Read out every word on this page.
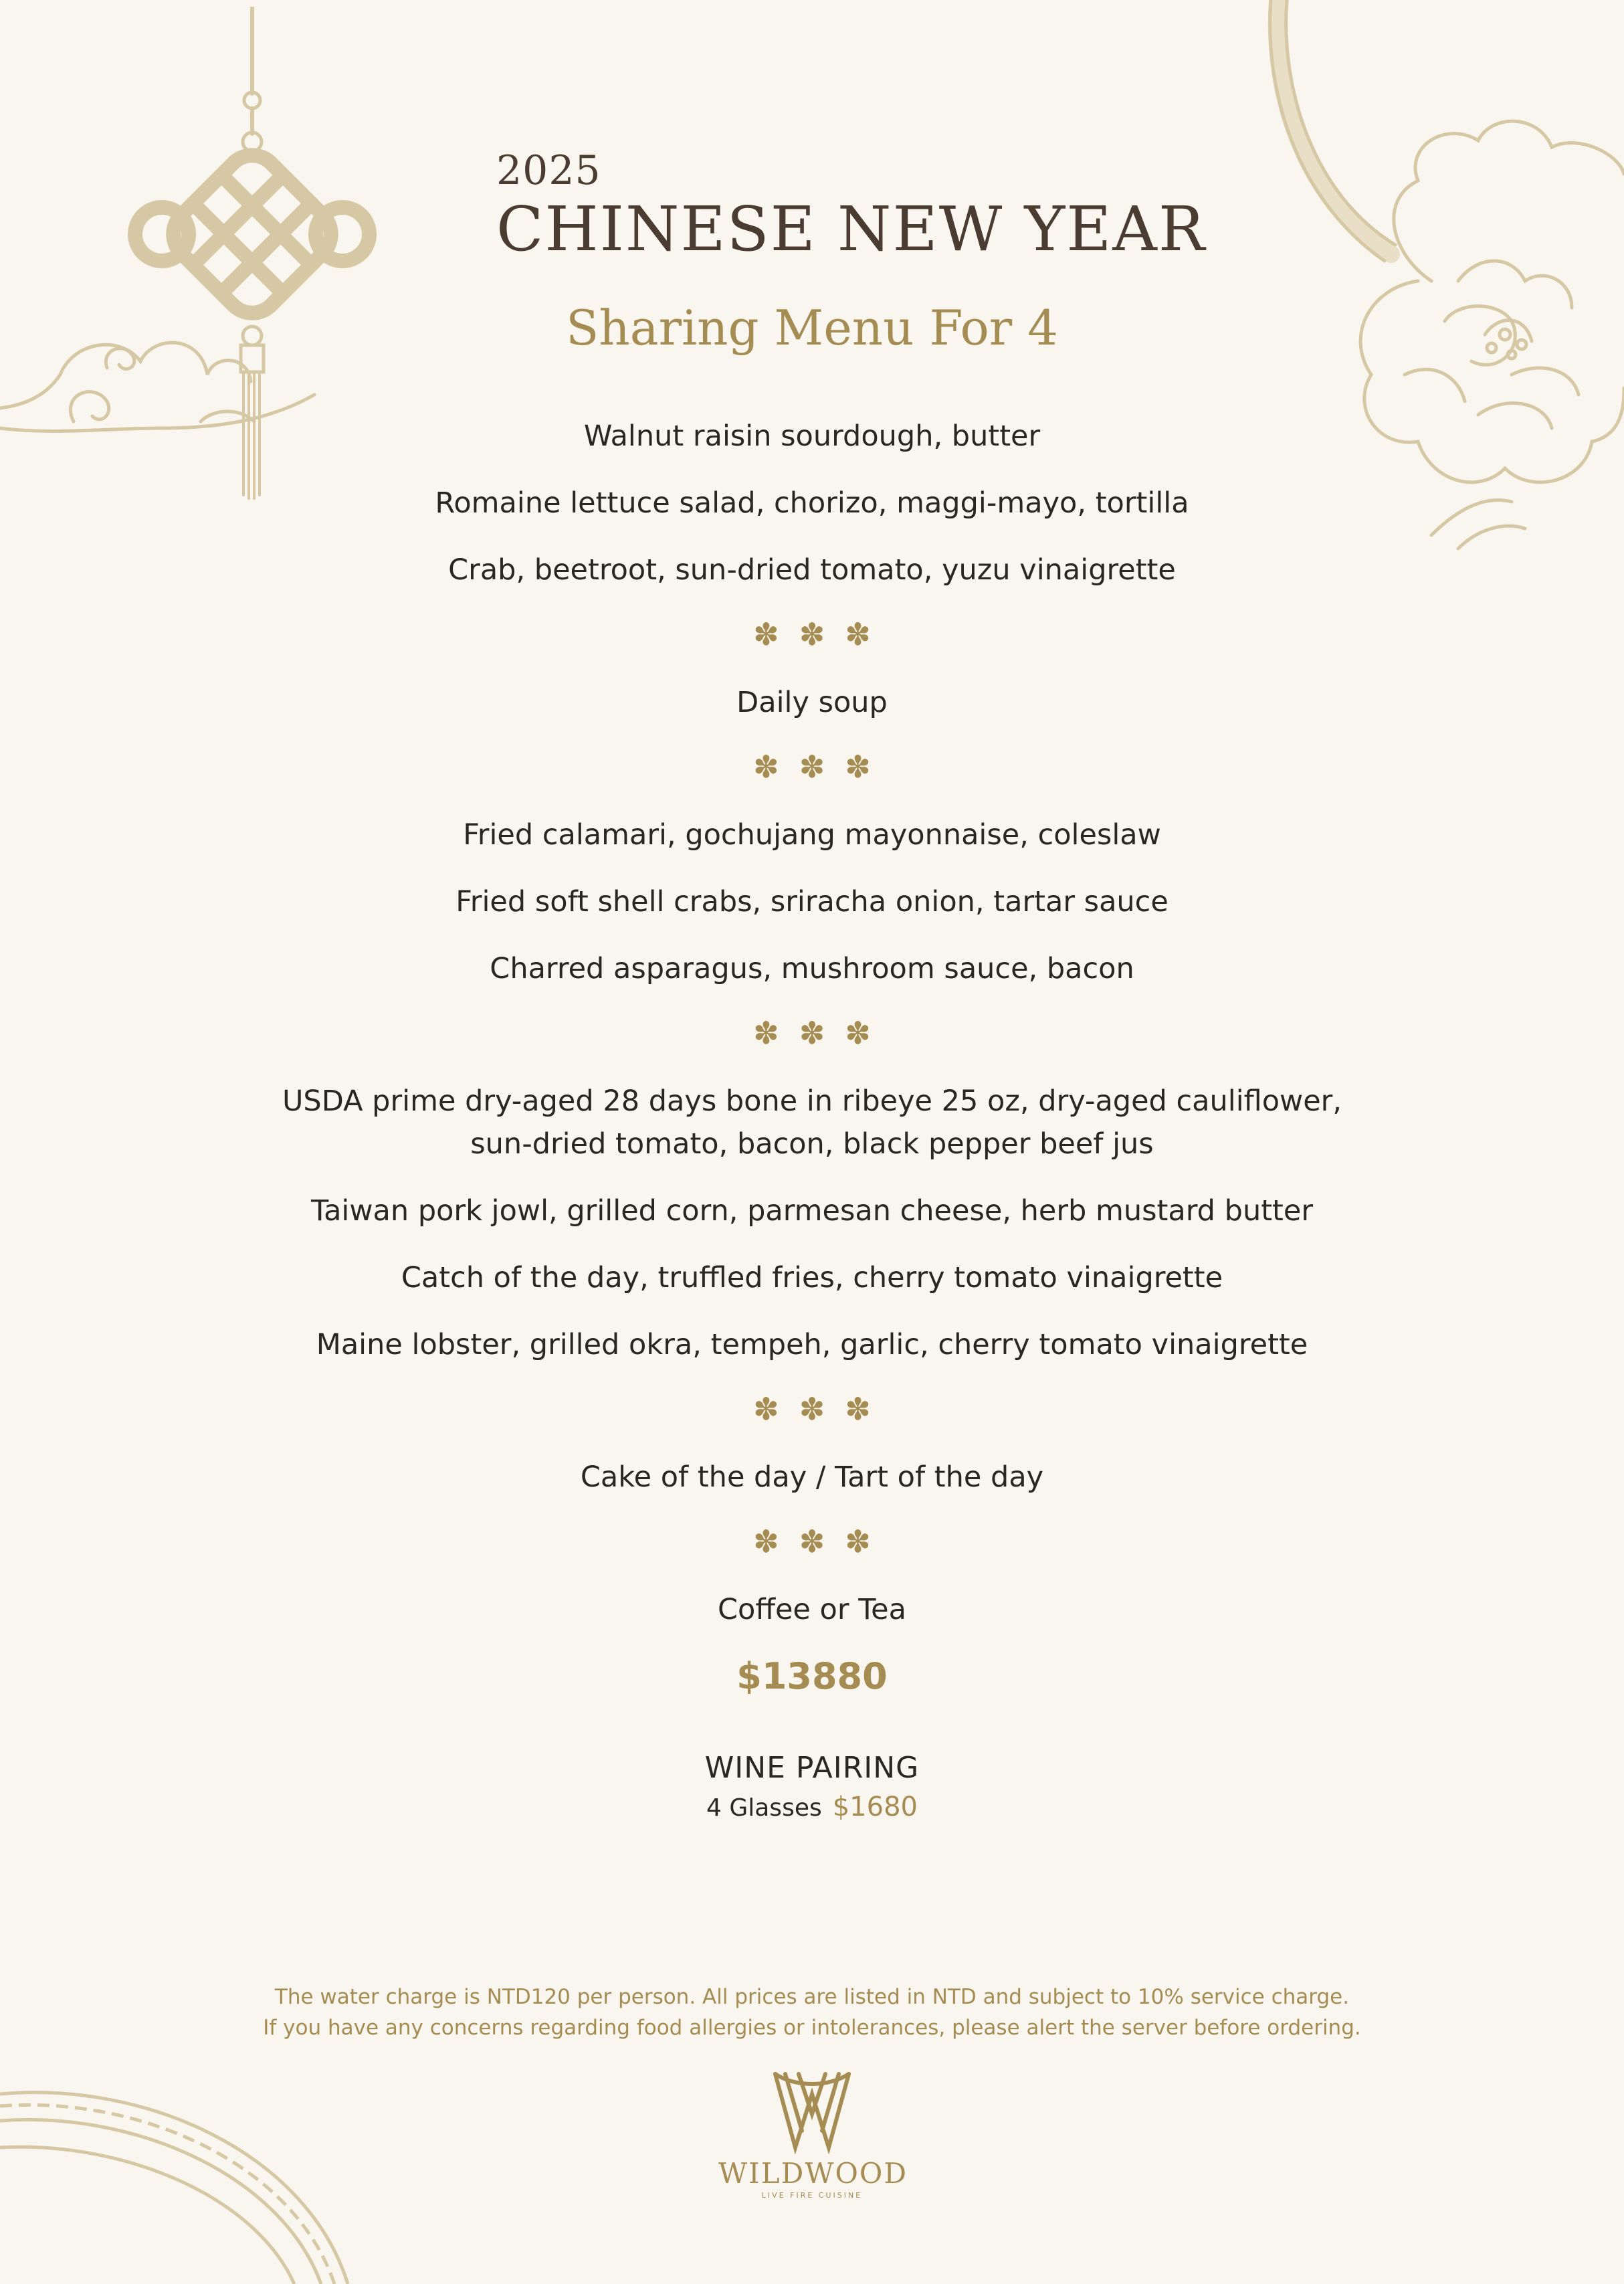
2025
CHINESE NEW YEAR
Sharing Menu For 4
Walnut raisin sourdough, butter
Romaine lettuce salad, chorizo, maggi-mayo, tortilla
Crab, beetroot, sun-dried tomato, yuzu vinaigrette
✽ ✽ ✽
Daily soup
✽ ✽ ✽
Fried calamari, gochujang mayonnaise, coleslaw
Fried soft shell crabs, sriracha onion, tartar sauce
Charred asparagus, mushroom sauce, bacon
✽ ✽ ✽
USDA prime dry-aged 28 days bone in ribeye 25 oz, dry-aged cauliflower,
sun-dried tomato, bacon, black pepper beef jus
Taiwan pork jowl, grilled corn, parmesan cheese, herb mustard butter
Catch of the day, truffled fries, cherry tomato vinaigrette
Maine lobster, grilled okra, tempeh, garlic, cherry tomato vinaigrette
✽ ✽ ✽
Cake of the day / Tart of the day
✽ ✽ ✽
Coffee or Tea
$13880
WINE PAIRING
4 Glasses $1680
The water charge is NTD120 per person. All prices are listed in NTD and subject to 10% service charge.
If you have any concerns regarding food allergies or intolerances, please alert the server before ordering.
WILDWOOD
LIVE FIRE CUISINE
